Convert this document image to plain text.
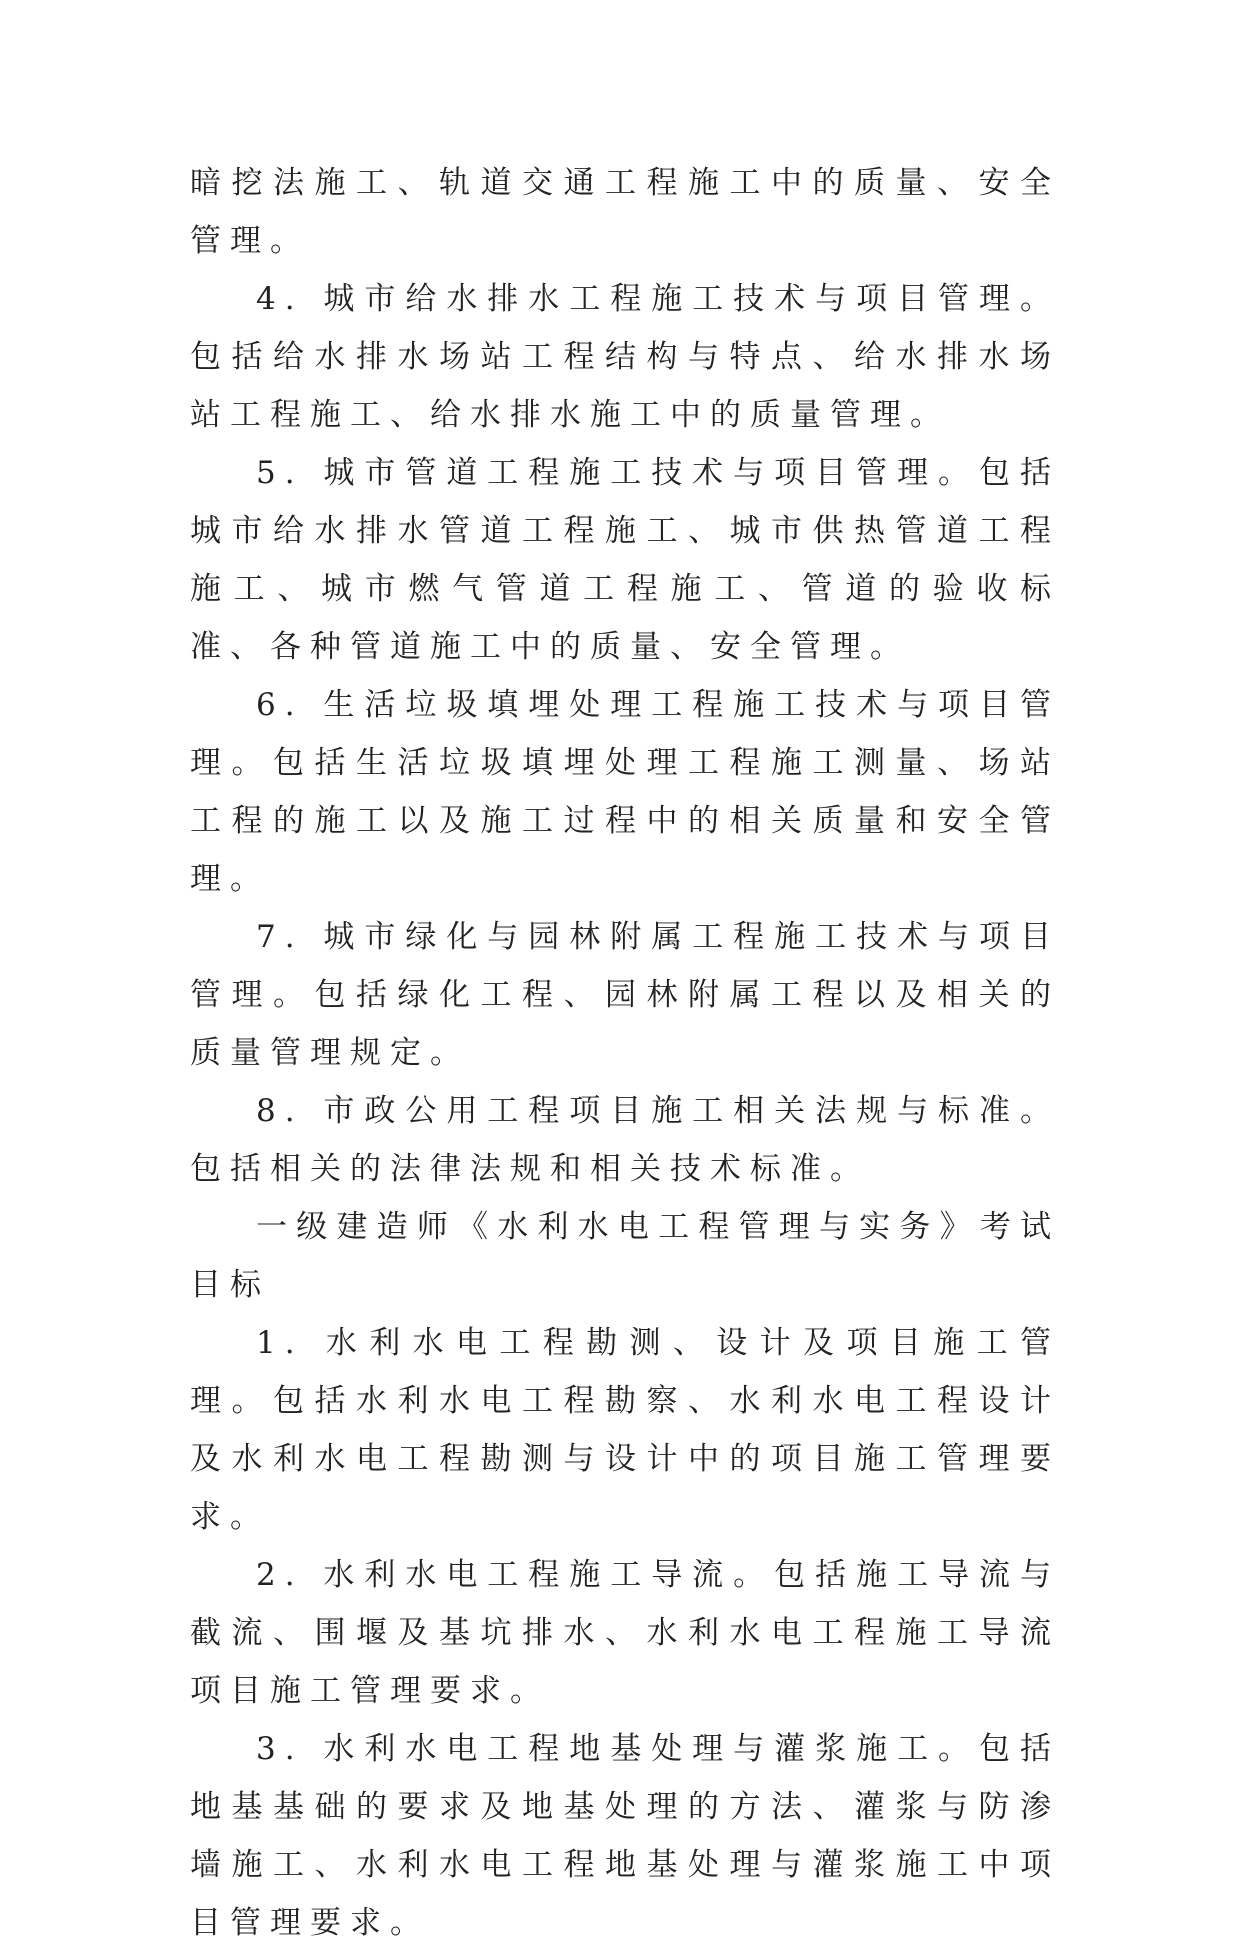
暗挖法施工、轨道交通工程施工中的质量、安全管理。

4. 城市给水排水工程施工技术与项目管理。包括给水排水场站工程结构与特点、给水排水场站工程施工、给水排水施工中的质量管理。

5. 城市管道工程施工技术与项目管理。包括城市给水排水管道工程施工、城市供热管道工程施工、城市燃气管道工程施工、管道的验收标准、各种管道施工中的质量、安全管理。

6. 生活垃圾填埋处理工程施工技术与项目管理。包括生活垃圾填埋处理工程施工测量、场站工程的施工以及施工过程中的相关质量和安全管理。

7. 城市绿化与园林附属工程施工技术与项目管理。包括绿化工程、园林附属工程以及相关的质量管理规定。

8. 市政公用工程项目施工相关法规与标准。包括相关的法律法规和相关技术标准。

一级建造师《水利水电工程管理与实务》考试目标

1. 水利水电工程勘测、设计及项目施工管理。包括水利水电工程勘察、水利水电工程设计及水利水电工程勘测与设计中的项目施工管理要求。

2. 水利水电工程施工导流。包括施工导流与截流、围堰及基坑排水、水利水电工程施工导流项目施工管理要求。

3. 水利水电工程地基处理与灌浆施工。包括地基基础的要求及地基处理的方法、灌浆与防渗墙施工、水利水电工程地基处理与灌浆施工中项目管理要求。
